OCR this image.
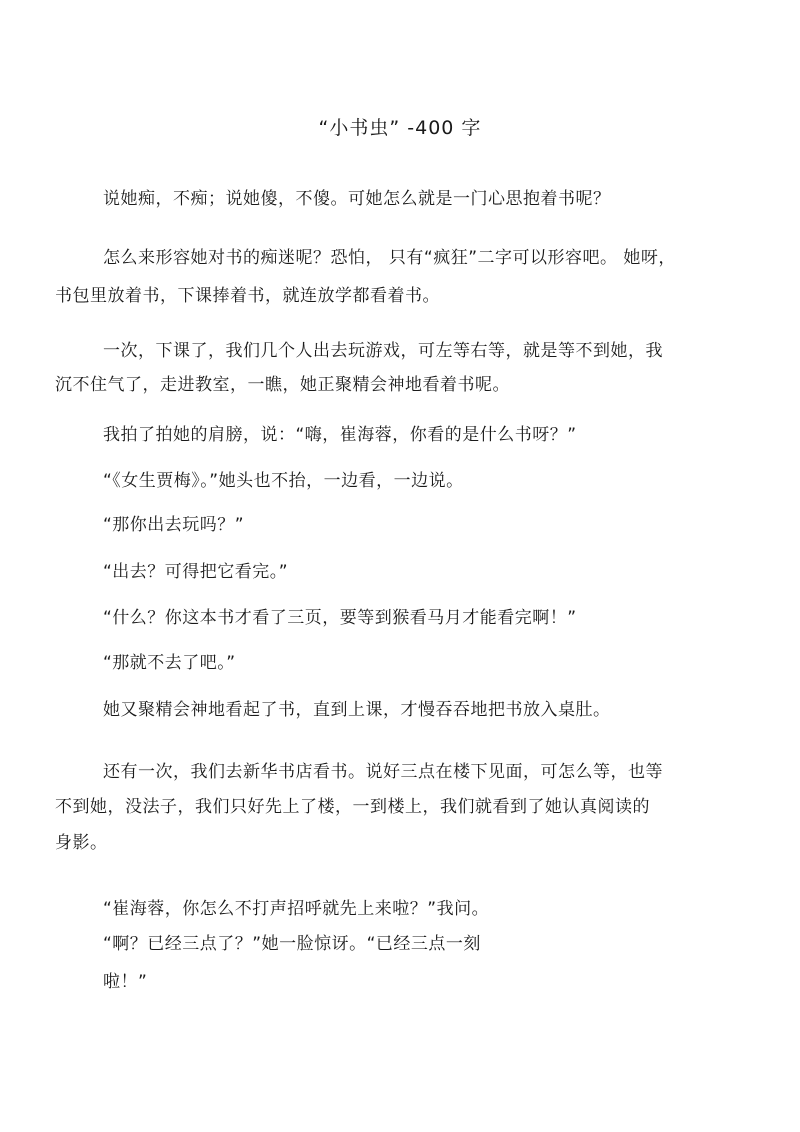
“小书虫” -400 字
说她痴，不痴；说她傻，不傻。可她怎么就是一门心思抱着书呢？
怎么来形容她对书的痴迷呢？恐怕， 只有“疯狂”二字可以形容吧。 她呀，
书包里放着书，下课捧着书，就连放学都看着书。
一次，下课了，我们几个人出去玩游戏，可左等右等，就是等不到她，我
沉不住气了，走进教室，一瞧，她正聚精会神地看着书呢。
我拍了拍她的肩膀，说：“嗨，崔海蓉，你看的是什么书呀？”
“《女生贾梅》。”她头也不抬，一边看，一边说。
“那你出去玩吗？”
“出去？可得把它看完。”
“什么？你这本书才看了三页，要等到猴看马月才能看完啊！”
“那就不去了吧。”
她又聚精会神地看起了书，直到上课，才慢吞吞地把书放入桌肚。
还有一次，我们去新华书店看书。说好三点在楼下见面，可怎么等，也等
不到她，没法子，我们只好先上了楼，一到楼上，我们就看到了她认真阅读的
身影。
“崔海蓉，你怎么不打声招呼就先上来啦？”我问。
“啊？已经三点了？”她一脸惊讶。“已经三点一刻
啦！”
